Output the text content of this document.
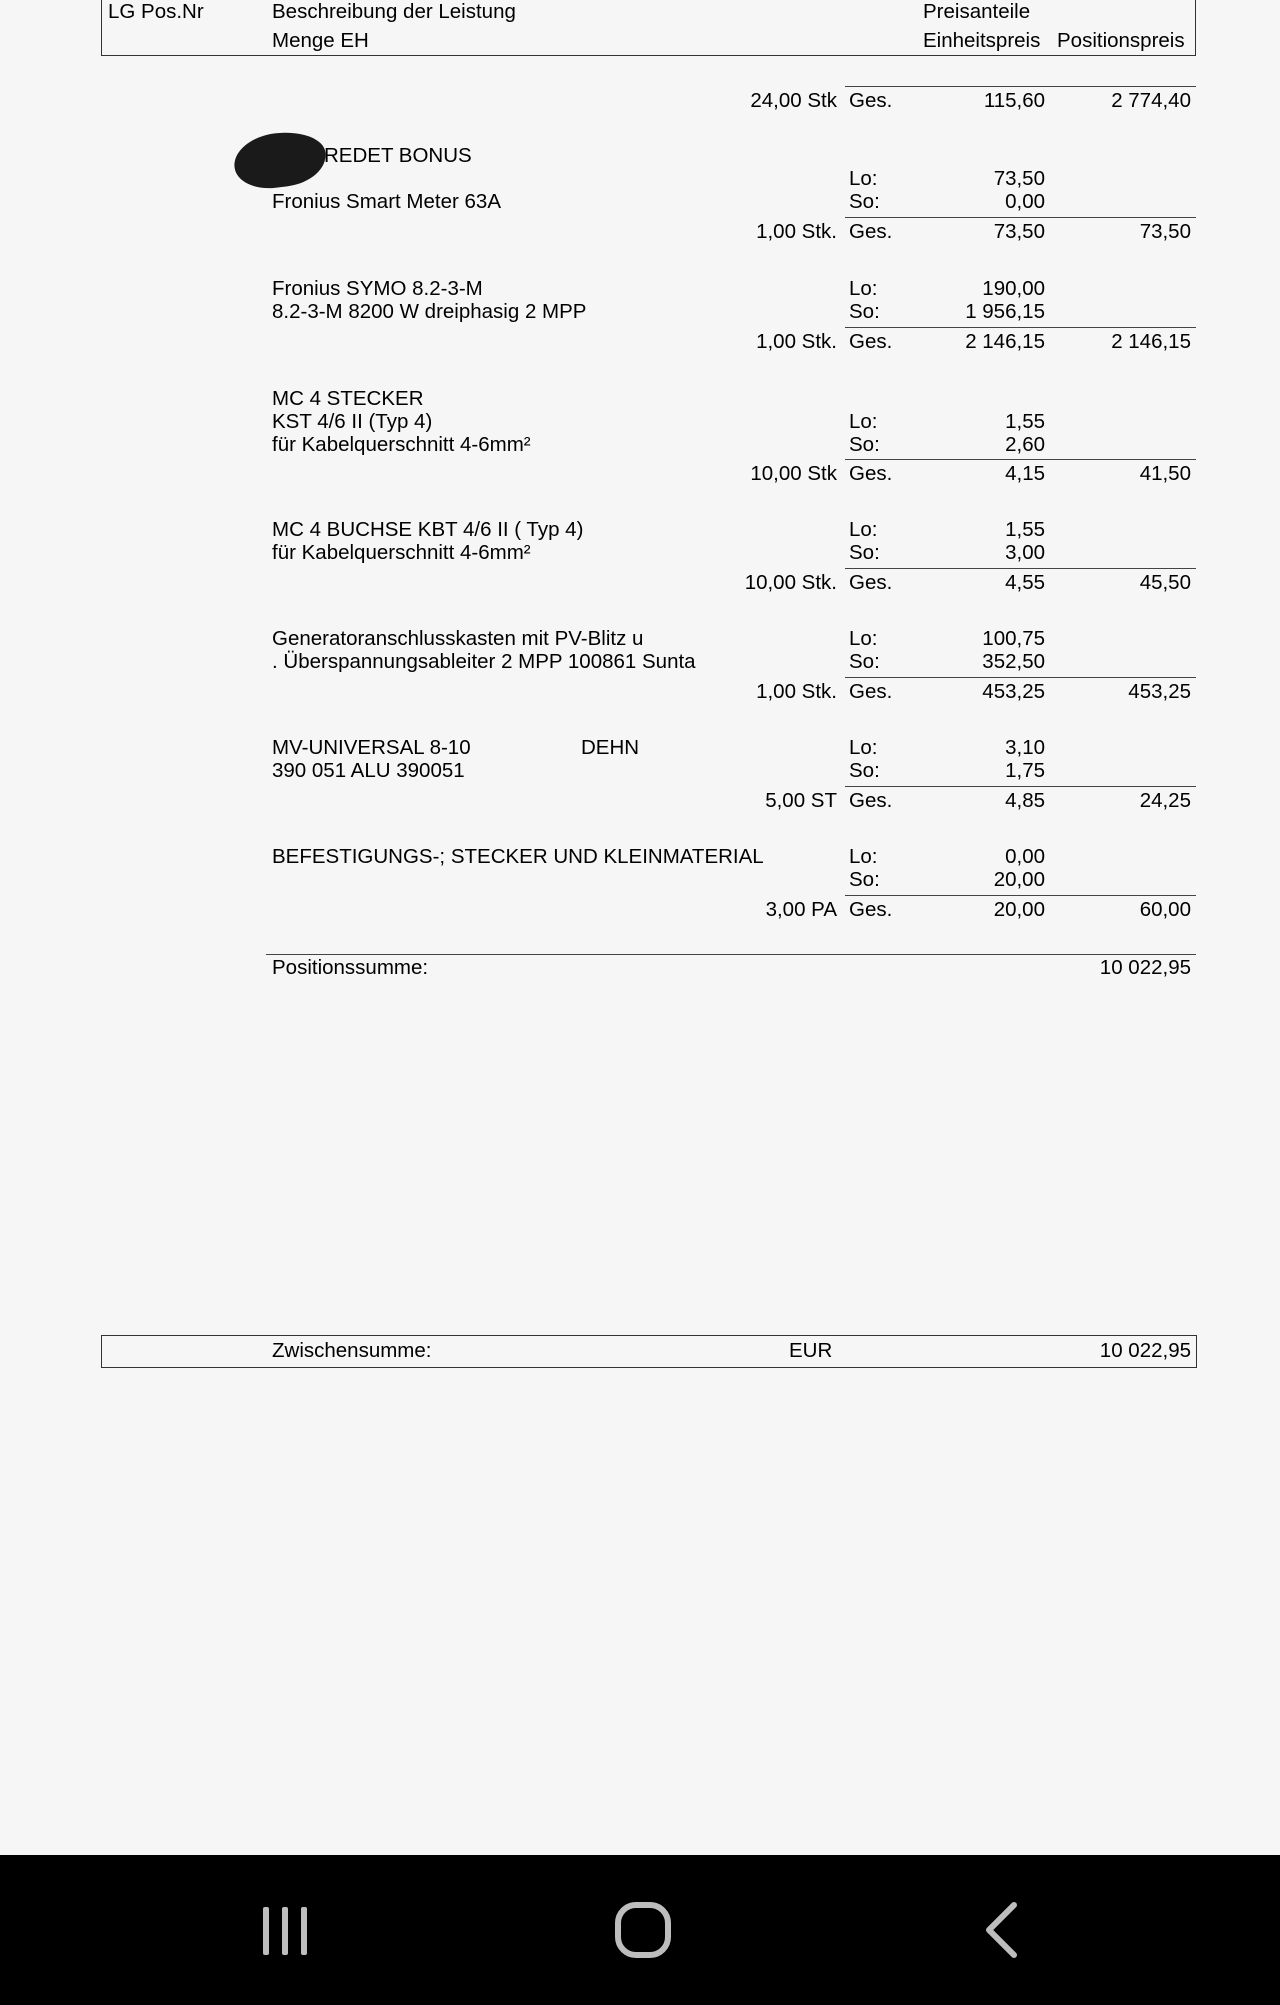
LG Pos.Nr	Beschreibung der Leistung
Menge EH
Preisanteile
Einheitspreis Positionspreis
24,00 Stk Ges.	115,60	2 774,40
REDET BONUS
Fronius Smart Meter 63A
Lo:	73,50
So:	0,00
1,00 Stk. Ges.	73,50	73,50
Fronius SYMO 8.2-3-M
8.2-3-M 8200 W dreiphasig 2 MPP
Lo:	190,00
So:	1 956,15
1,00 Stk. Ges.	2 146,15	2 146,15
MC 4 STECKER
KST 4/6 II (Typ 4)
für Kabelquerschnitt 4-6mm²
Lo:	1,55
So:	2,60
10,00 Stk Ges.	4,15	41,50
MC 4 BUCHSE KBT 4/6 II ( Typ 4)
für Kabelquerschnitt 4-6mm²
Lo:	1,55
So:	3,00
10,00 Stk. Ges.	4,55	45,50
Generatoranschlusskasten mit PV-Blitz u
. Überspannungsableiter 2 MPP 100861 Sunta
Lo:	100,75
So:	352,50
1,00 Stk. Ges.	453,25	453,25
MV-UNIVERSAL 8-10
390 051 ALU 390051
DEHN	Lo:	3,10
So:	1,75
5,00 ST Ges.	4,85	24,25
BEFESTIGUNGS-; STECKER UND KLEINMATERIAL	Lo:	0,00
So:	20,00
3,00 PA Ges.	20,00	60,00
Positionssumme:	10 022,95
Zwischensumme:	EUR	10 022,95
